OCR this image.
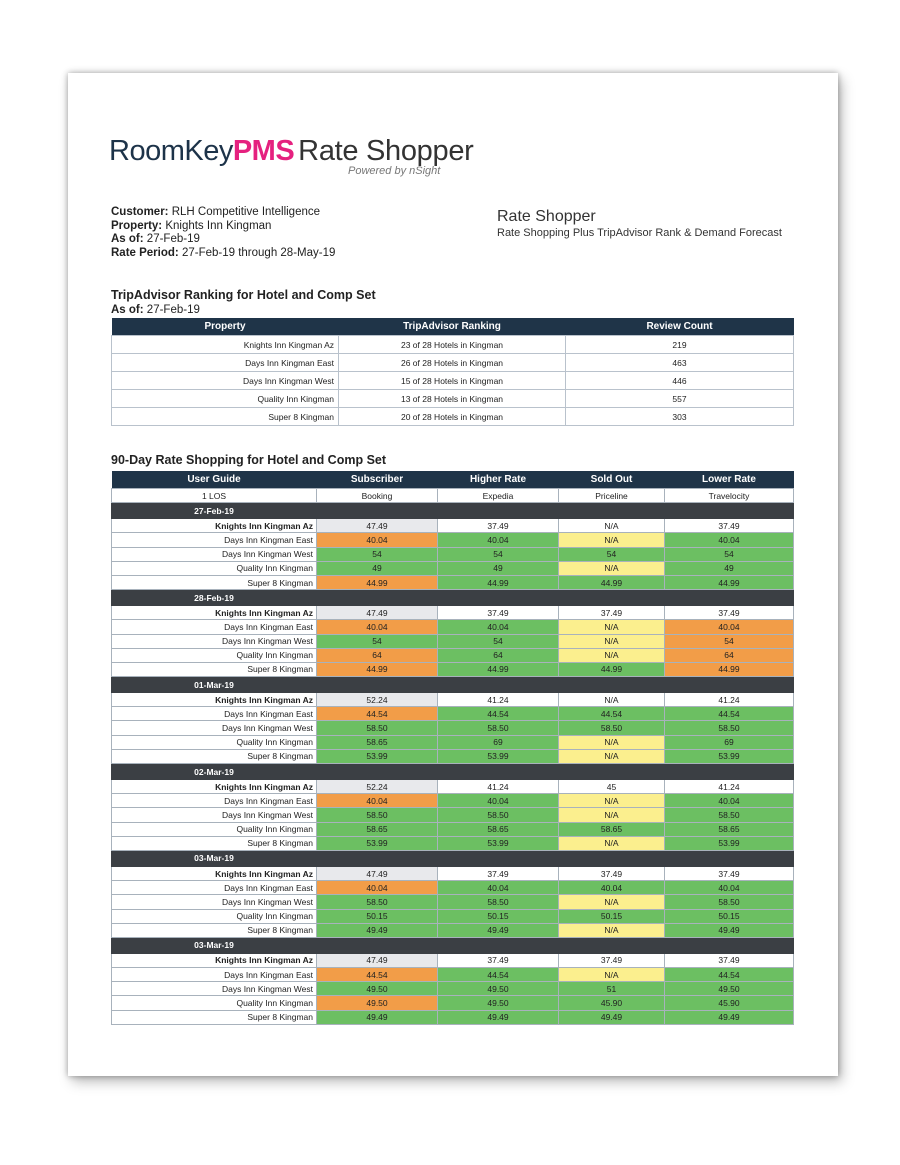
RoomKeyPMS Rate Shopper
Powered by nSight
Customer: RLH Competitive Intelligence
Property: Knights Inn Kingman
As of: 27-Feb-19
Rate Period: 27-Feb-19 through 28-May-19
Rate Shopper
Rate Shopping Plus TripAdvisor Rank & Demand Forecast
TripAdvisor Ranking for Hotel and Comp Set
As of: 27-Feb-19
Property	TripAdvisor Ranking	Review Count
Knights Inn Kingman Az	23 of 28 Hotels in Kingman	219
Days Inn Kingman East	26 of 28 Hotels in Kingman	463
Days Inn Kingman West	15 of 28 Hotels in Kingman	446
Quality Inn Kingman	13 of 28 Hotels in Kingman	557
Super 8 Kingman	20 of 28 Hotels in Kingman	303
90-Day Rate Shopping for Hotel and Comp Set
User Guide	Subscriber	Higher Rate	Sold Out	Lower Rate
1 LOS	Booking	Expedia	Priceline	Travelocity
27-Feb-19				
Knights Inn Kingman Az	47.49	37.49	N/A	37.49
Days Inn Kingman East	40.04	40.04	N/A	40.04
Days Inn Kingman West	54	54	54	54
Quality Inn Kingman	49	49	N/A	49
Super 8 Kingman	44.99	44.99	44.99	44.99
28-Feb-19				
Knights Inn Kingman Az	47.49	37.49	37.49	37.49
Days Inn Kingman East	40.04	40.04	N/A	40.04
Days Inn Kingman West	54	54	N/A	54
Quality Inn Kingman	64	64	N/A	64
Super 8 Kingman	44.99	44.99	44.99	44.99
01-Mar-19				
Knights Inn Kingman Az	52.24	41.24	N/A	41.24
Days Inn Kingman East	44.54	44.54	44.54	44.54
Days Inn Kingman West	58.50	58.50	58.50	58.50
Quality Inn Kingman	58.65	69	N/A	69
Super 8 Kingman	53.99	53.99	N/A	53.99
02-Mar-19				
Knights Inn Kingman Az	52.24	41.24	45	41.24
Days Inn Kingman East	40.04	40.04	N/A	40.04
Days Inn Kingman West	58.50	58.50	N/A	58.50
Quality Inn Kingman	58.65	58.65	58.65	58.65
Super 8 Kingman	53.99	53.99	N/A	53.99
03-Mar-19				
Knights Inn Kingman Az	47.49	37.49	37.49	37.49
Days Inn Kingman East	40.04	40.04	40.04	40.04
Days Inn Kingman West	58.50	58.50	N/A	58.50
Quality Inn Kingman	50.15	50.15	50.15	50.15
Super 8 Kingman	49.49	49.49	N/A	49.49
03-Mar-19				
Knights Inn Kingman Az	47.49	37.49	37.49	37.49
Days Inn Kingman East	44.54	44.54	N/A	44.54
Days Inn Kingman West	49.50	49.50	51	49.50
Quality Inn Kingman	49.50	49.50	45.90	45.90
Super 8 Kingman	49.49	49.49	49.49	49.49
